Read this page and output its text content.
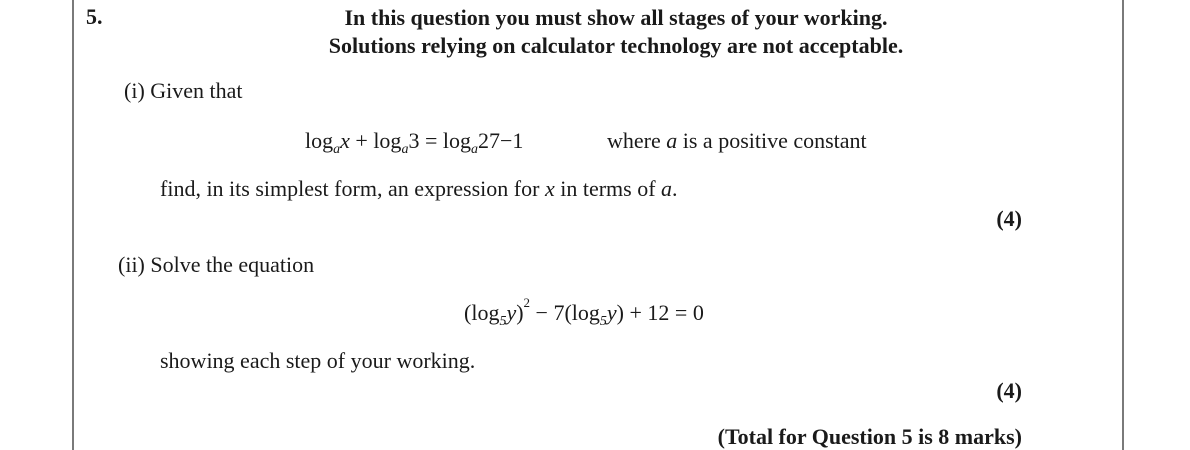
5.	In this question you must show all stages of your working.
Solutions relying on calculator technology are not acceptable.
(i) Given that
$\log_ax + \log_a3 = \log_a27-1$	where a is a positive constant
find, in its simplest form, an expression for x in terms of a.
(4)
(ii) Solve the equation
$(\log_5y)^2 - 7(\log_5y) + 12 = 0$
showing each step of your working.
(4)
(Total for Question 5 is 8 marks)
